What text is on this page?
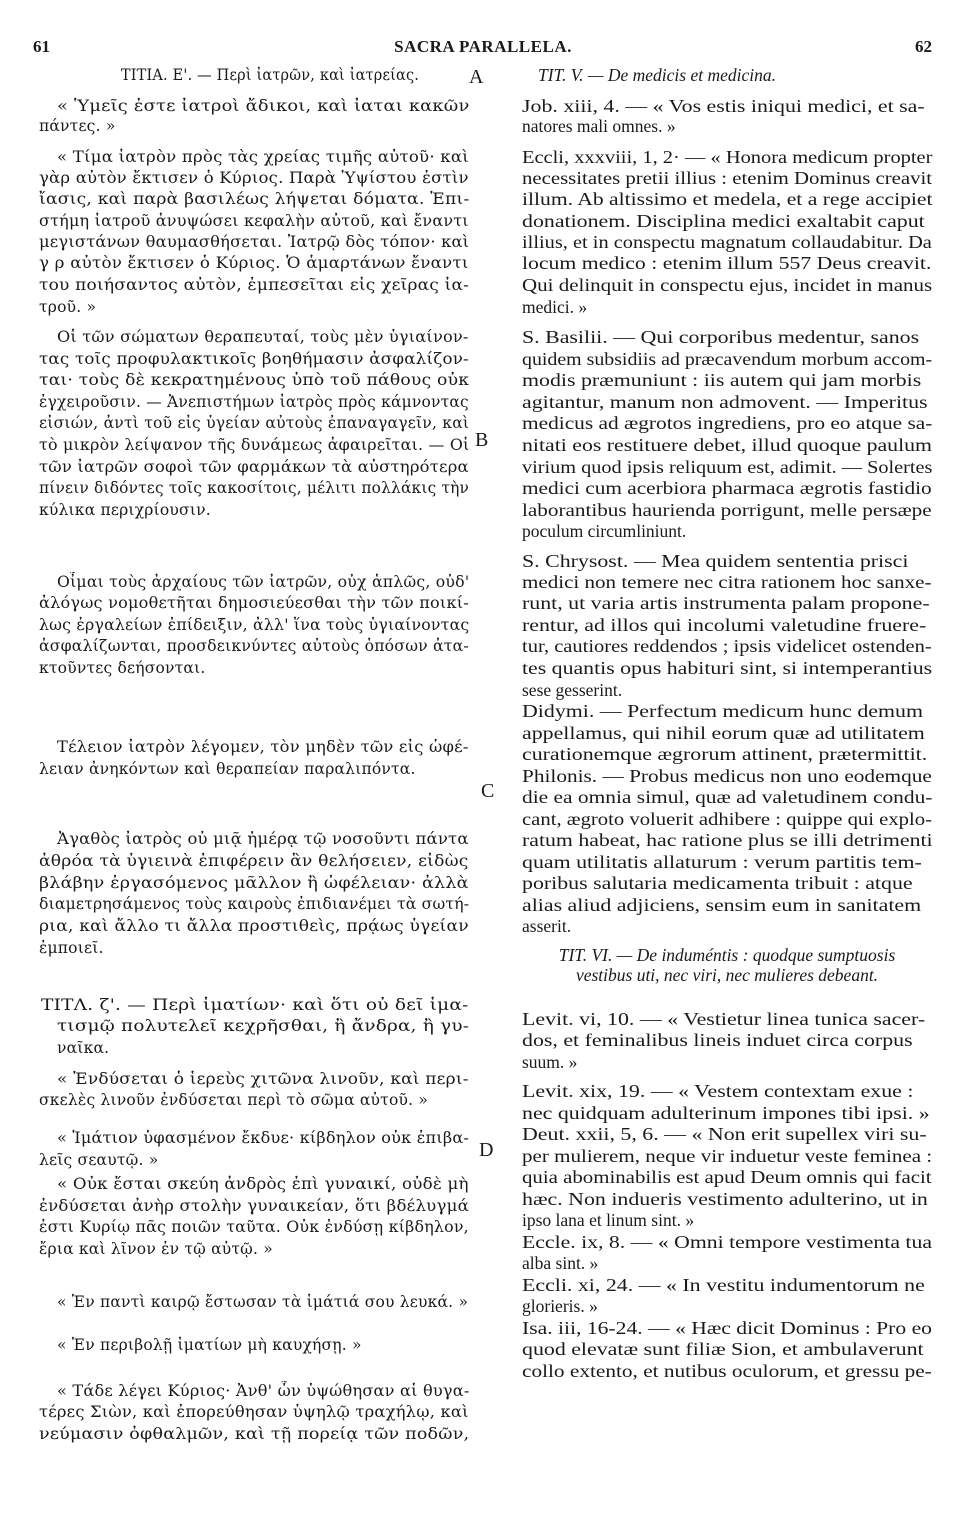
61	SACRA PARALLELA.	62
ΤΙΤΙΑ. Ε'. — Περὶ ἰατρῶν, καὶ ἰατρείας.
« Ὑμεῖς ἐστε ἰατροὶ ἄδικοι, καὶ ἰαται κακῶν
πάντες. »
« Τίμα ἰατρὸν πρὸς τὰς χρείας τιμῆς αὐτοῦ· καὶ
γὰρ αὐτὸν ἔκτισεν ὁ Κύριος. Παρὰ Ὑψίστου ἐστὶν
ἴασις, καὶ παρὰ βασιλέως λήψεται δόματα. Ἐπι-
στήμη ἰατροῦ ἀνυψώσει κεφαλὴν αὐτοῦ, καὶ ἔναντι
μεγιστάνων θαυμασθήσεται. Ἰατρῷ δὸς τόπον· καὶ
γ ρ αὐτὸν ἔκτισεν ὁ Κύριος. Ὁ ἁμαρτάνων ἔναντι
του ποιήσαντος αὐτὸν, ἐμπεσεῖται εἰς χεῖρας ἰα-
τροῦ. »
Οἱ τῶν σώματων θεραπευταί, τοὺς μὲν ὑγιαίνον-
τας τοῖς προφυλακτικοῖς βοηθήμασιν ἀσφαλίζον-
ται· τοὺς δὲ κεκρατημένους ὑπὸ τοῦ πάθους οὐκ
ἐγχειροῦσιν. — Ἀνεπιστήμων ἰατρὸς πρὸς κάμνοντας
εἰσιών, ἀντὶ τοῦ εἰς ὑγείαν αὐτοὺς ἐπαναγαγεῖν, καὶ
τὸ μικρὸν λείψανον τῆς δυνάμεως ἀφαιρεῖται. — Οἱ
τῶν ἰατρῶν σοφοὶ τῶν φαρμάκων τὰ αὐστηρότερα
πίνειν διδόντες τοῖς κακοσίτοις, μέλιτι πολλάκις τὴν
κύλικα περιχρίουσιν.
Οἶμαι τοὺς ἀρχαίους τῶν ἰατρῶν, οὐχ ἁπλῶς, οὐδ'
ἀλόγως νομοθετῆται δημοσιεύεσθαι τὴν τῶν ποικί-
λως ἐργαλείων ἐπίδειξιν, ἀλλ' ἵνα τοὺς ὑγιαίνοντας
ἀσφαλίζωνται, προσδεικνύντες αὐτοὺς ὁπόσων ἀτα-
κτοῦντες δεήσονται.
Τέλειον ἰατρὸν λέγομεν, τὸν μηδὲν τῶν εἰς ὠφέ-
λειαν ἀνηκόντων καὶ θεραπείαν παραλιπόντα.
Ἀγαθὸς ἰατρὸς οὐ μιᾷ ἡμέρᾳ τῷ νοσοῦντι πάντα
ἀθρόα τὰ ὑγιεινὰ ἐπιφέρειν ἂν θελήσειεν, εἰδὼς
βλάβην ἐργασόμενος μᾶλλον ἢ ὠφέλειαν· ἀλλὰ
διαμετρησάμενος τοὺς καιροὺς ἐπιδιανέμει τὰ σωτή-
ρια, καὶ ἄλλο τι ἄλλα προστιθεὶς, πρᾴως ὑγείαν
ἐμποιεῖ.
ΤΙΤΛ. ζ'. — Περὶ ἱματίων· καὶ ὅτι οὐ δεῖ ἱμα-
τισμῷ πολυτελεῖ κεχρῆσθαι, ἢ ἄνδρα, ἢ γυ-
ναῖκα.
« Ἐνδύσεται ὁ ἱερεὺς χιτῶνα λινοῦν, καὶ περι-
σκελὲς λινοῦν ἐνδύσεται περὶ τὸ σῶμα αὐτοῦ. »
« Ἱμάτιον ὑφασμένον ἔκδυε· κίβδηλον οὐκ ἐπιβα-
λεῖς σεαυτῷ. »
« Οὐκ ἔσται σκεύη ἀνδρὸς ἐπὶ γυναικί, οὐδὲ μὴ
ἐνδύσεται ἀνὴρ στολὴν γυναικείαν, ὅτι βδέλυγμά
ἐστι Κυρίῳ πᾶς ποιῶν ταῦτα. Οὐκ ἐνδύσῃ κίβδηλον,
ἔρια καὶ λῖνον ἐν τῷ αὐτῷ. »
« Ἐν παντὶ καιρῷ ἔστωσαν τὰ ἱμάτιά σου λευκά. »
« Ἐν περιβολῇ ἱματίων μὴ καυχήσῃ. »
« Τάδε λέγει Κύριος· Ἀνθ' ὧν ὑψώθησαν αἱ θυγα-
τέρες Σιὼν, καὶ ἐπορεύθησαν ὑψηλῷ τραχήλῳ, καὶ
νεύμασιν ὀφθαλμῶν, καὶ τῇ πορείᾳ τῶν ποδῶν,
TIT. V. — De medicis et medicina.
Job. xiii, 4. — « Vos estis iniqui medici, et sa-
natores mali omnes. »
Eccli, xxxviii, 1, 2· — « Honora medicum propter
necessitates pretii illius : etenim Dominus creavit
illum. Ab altissimo et medela, et a rege accipiet
donationem. Disciplina medici exaltabit caput
illius, et in conspectu magnatum collaudabitur. Da
locum medico : etenim illum 557 Deus creavit.
Qui delinquit in conspectu ejus, incidet in manus
medici. »
S. Basilii. — Qui corporibus medentur, sanos
quidem subsidiis ad præcavendum morbum accom-
modis præmuniunt : iis autem qui jam morbis
agitantur, manum non admovent. — Imperitus
medicus ad ægrotos ingrediens, pro eo atque sa-
nitati eos restituere debet, illud quoque paulum
virium quod ipsis reliquum est, adimit. — Solertes
medici cum acerbiora pharmaca ægrotis fastidio
laborantibus haurienda porrigunt, melle persæpe
poculum circumliniunt.
S. Chrysost. — Mea quidem sententia prisci
medici non temere nec citra rationem hoc sanxe-
runt, ut varia artis instrumenta palam propone-
rentur, ad illos qui incolumi valetudine fruere-
tur, cautiores reddendos ; ipsis videlicet ostenden-
tes quantis opus habituri sint, si intemperantius
sese gesserint.
Didymi. — Perfectum medicum hunc demum
appellamus, qui nihil eorum quæ ad utilitatem
curationemque ægrorum attinent, prætermittit.
Philonis. — Probus medicus non uno eodemque
die ea omnia simul, quæ ad valetudinem condu-
cant, ægroto voluerit adhibere : quippe qui explo-
ratum habeat, hac ratione plus se illi detrimenti
quam utilitatis allaturum : verum partitis tem-
poribus salutaria medicamenta tribuit : atque
alias aliud adjiciens, sensim eum in sanitatem
asserit.
TIT. VI. — De induméntis : quodque sumptuosis
vestibus uti, nec viri, nec mulieres debeant.
Levit. vi, 10. — « Vestietur linea tunica sacer-
dos, et feminalibus lineis induet circa corpus
suum. »
Levit. xix, 19. — « Vestem contextam exue :
nec quidquam adulterinum impones tibi ipsi. »
Deut. xxii, 5, 6. — « Non erit supellex viri su-
per mulierem, neque vir induetur veste feminea :
quia abominabilis est apud Deum omnis qui facit
hæc. Non indueris vestimento adulterino, ut in
ipso lana et linum sint. »
Eccle. ix, 8. — « Omni tempore vestimenta tua
alba sint. »
Eccli. xi, 24. — « In vestitu indumentorum ne
glorieris. »
Isa. iii, 16-24. — « Hæc dicit Dominus : Pro eo
quod elevatæ sunt filiæ Sion, et ambulaverunt
collo extento, et nutibus oculorum, et gressu pe-
A
B
C
D
